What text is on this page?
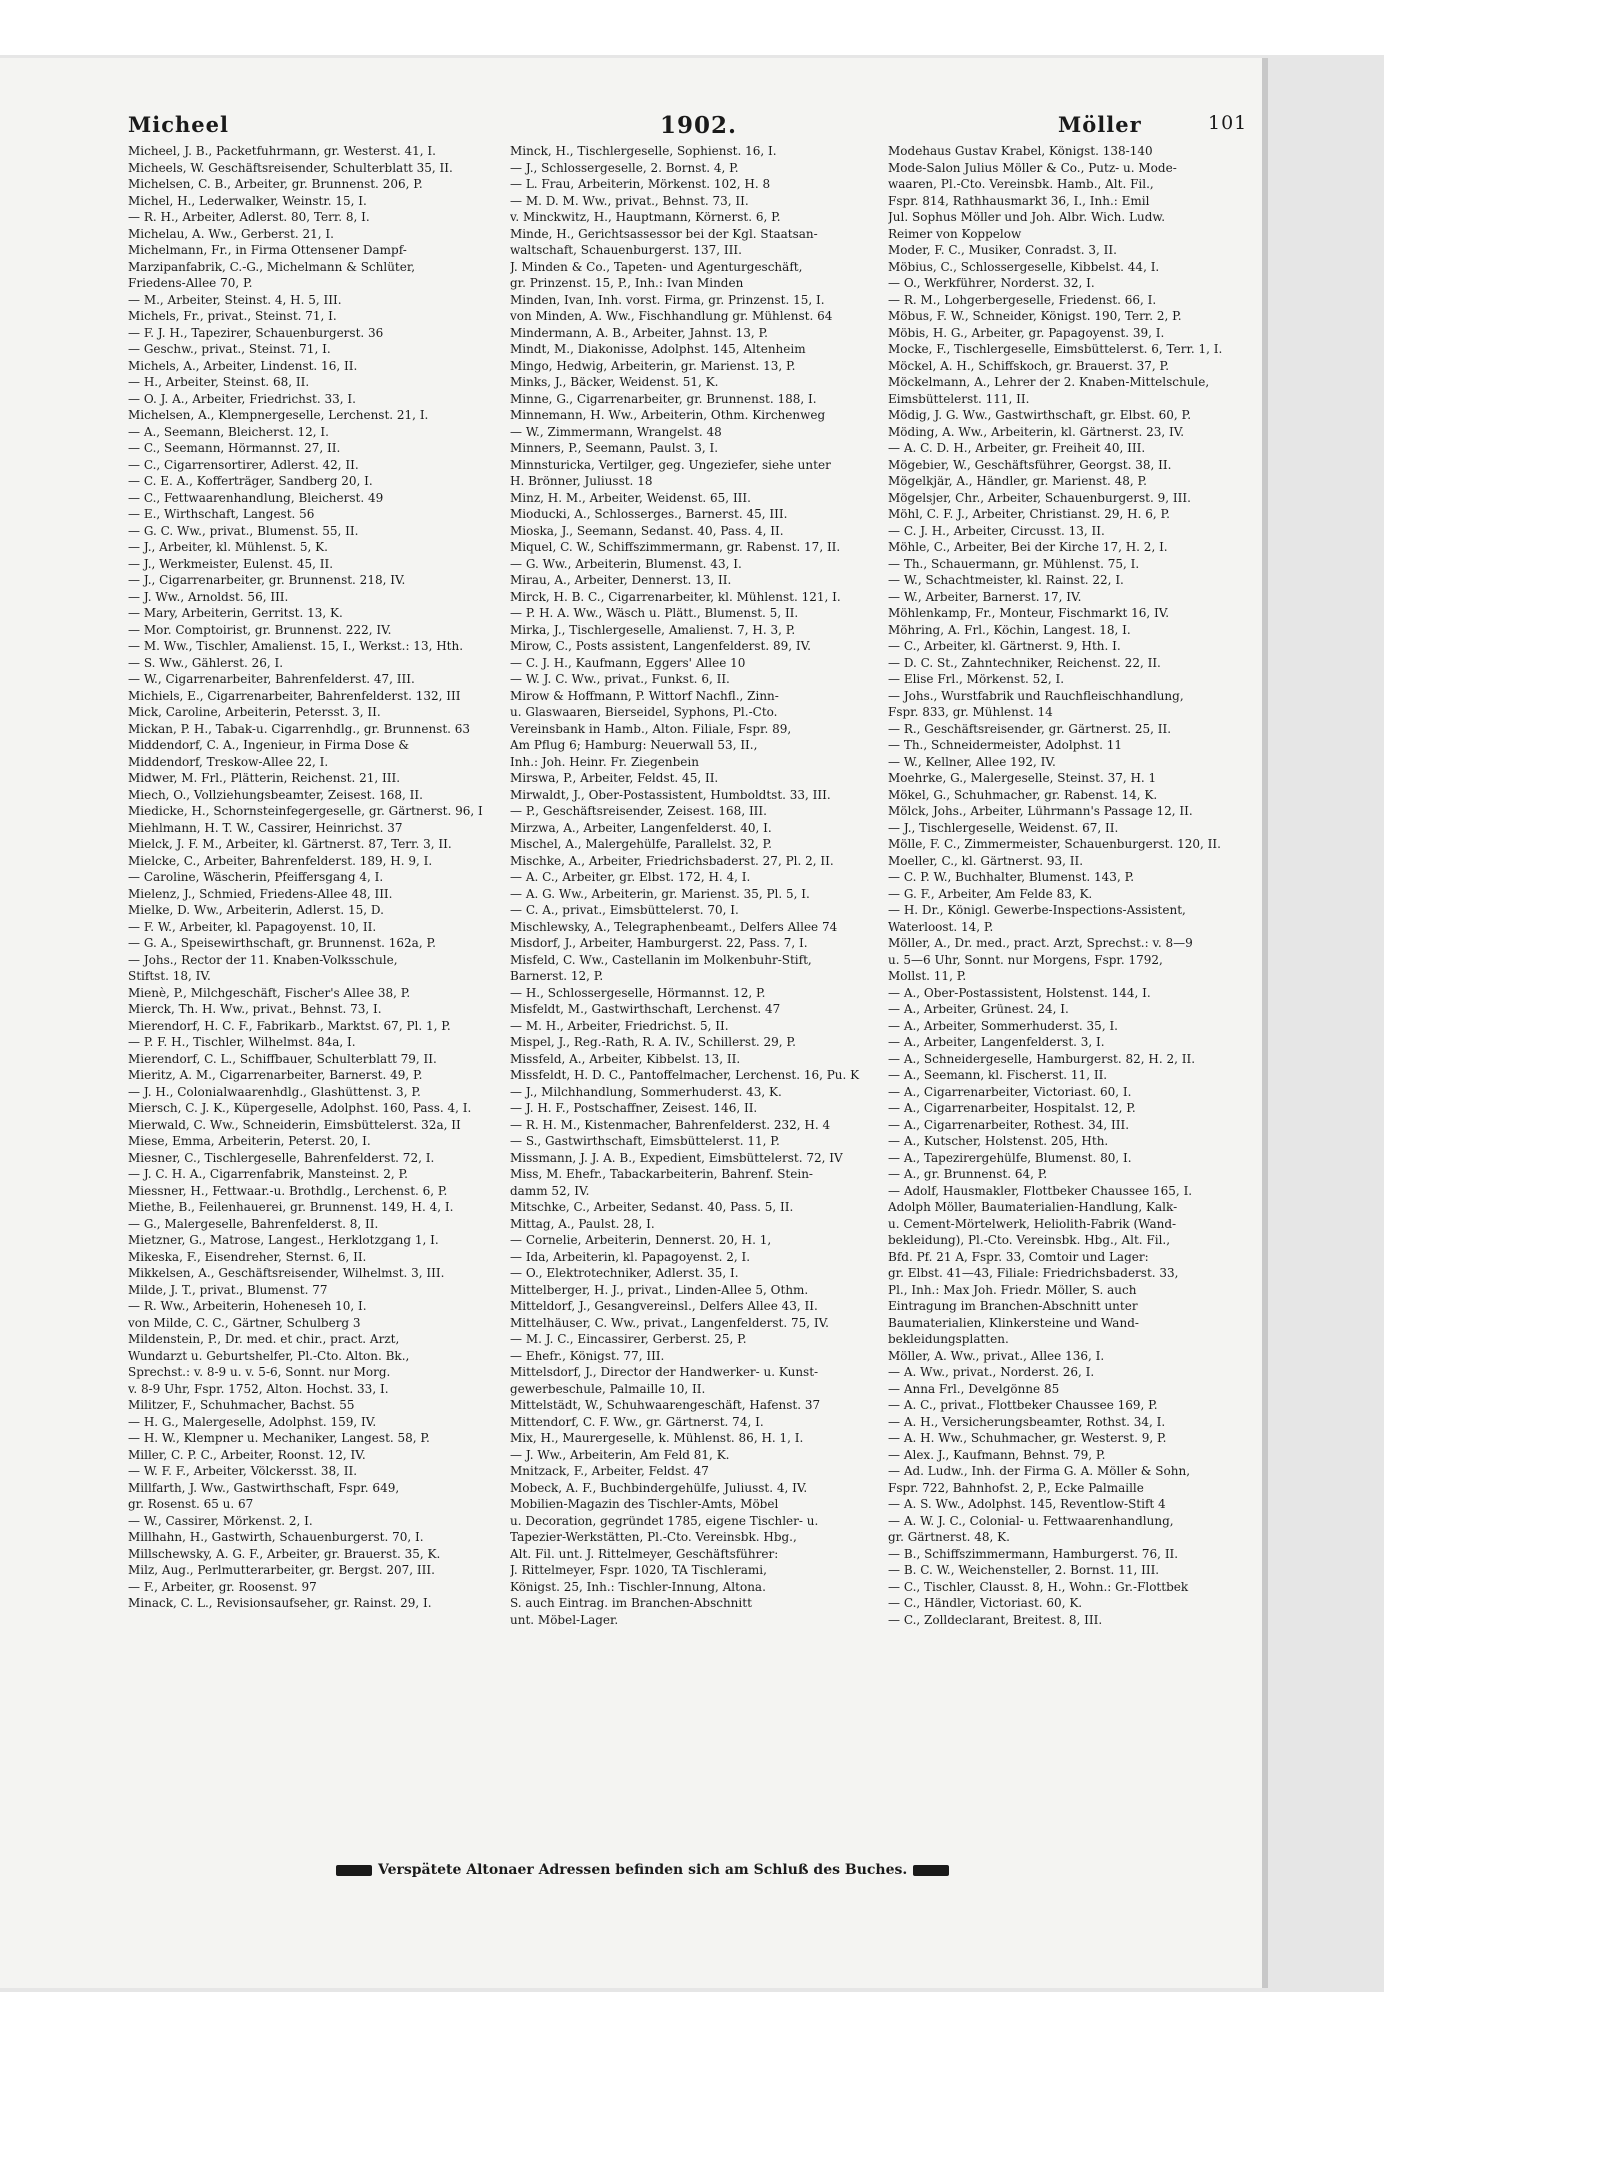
Micheel	1902.	Möller	101
Micheel, J. B., Packetfuhrmann, gr. Westerst. 41, I.
Micheels, W. Geschäftsreisender, Schulterblatt 35, II.
Michelsen, C. B., Arbeiter, gr. Brunnenst. 206, P.
Michel, H., Lederwalker, Weinstr. 15, I.
— R. H., Arbeiter, Adlerst. 80, Terr. 8, I.
Michelau, A. Ww., Gerberst. 21, I.
Michelmann, Fr., in Firma Ottensener Dampf-
Marzipanfabrik, C.-G., Michelmann & Schlüter,
Friedens-Allee 70, P.
— M., Arbeiter, Steinst. 4, H. 5, III.
Michels, Fr., privat., Steinst. 71, I.
— F. J. H., Tapezirer, Schauenburgerst. 36
— Geschw., privat., Steinst. 71, I.
Michels, A., Arbeiter, Lindenst. 16, II.
— H., Arbeiter, Steinst. 68, II.
— O. J. A., Arbeiter, Friedrichst. 33, I.
Michelsen, A., Klempnergeselle, Lerchenst. 21, I.
— A., Seemann, Bleicherst. 12, I.
— C., Seemann, Hörmannst. 27, II.
— C., Cigarrensortirer, Adlerst. 42, II.
— C. E. A., Kofferträger, Sandberg 20, I.
— C., Fettwaarenhandlung, Bleicherst. 49
— E., Wirthschaft, Langest. 56
— G. C. Ww., privat., Blumenst. 55, II.
— J., Arbeiter, kl. Mühlenst. 5, K.
— J., Werkmeister, Eulenst. 45, II.
— J., Cigarrenarbeiter, gr. Brunnenst. 218, IV.
— J. Ww., Arnoldst. 56, III.
— Mary, Arbeiterin, Gerritst. 13, K.
— Mor. Comptoirist, gr. Brunnenst. 222, IV.
— M. Ww., Tischler, Amalienst. 15, I., Werkst.: 13, Hth.
— S. Ww., Gählerst. 26, I.
— W., Cigarrenarbeiter, Bahrenfelderst. 47, III.
Michiels, E., Cigarrenarbeiter, Bahrenfelderst. 132, III
Mick, Caroline, Arbeiterin, Petersst. 3, II.
Mickan, P. H., Tabak-u. Cigarrenhdlg., gr. Brunnenst. 63
Middendorf, C. A., Ingenieur, in Firma Dose &
Middendorf, Treskow-Allee 22, I.
Midwer, M. Frl., Plätterin, Reichenst. 21, III.
Miech, O., Vollziehungsbeamter, Zeisest. 168, II.
Miedicke, H., Schornsteinfegergeselle, gr. Gärtnerst. 96, I
Miehlmann, H. T. W., Cassirer, Heinrichst. 37
Mielck, J. F. M., Arbeiter, kl. Gärtnerst. 87, Terr. 3, II.
Mielcke, C., Arbeiter, Bahrenfelderst. 189, H. 9, I.
— Caroline, Wäscherin, Pfeiffersgang 4, I.
Mielenz, J., Schmied, Friedens-Allee 48, III.
Mielke, D. Ww., Arbeiterin, Adlerst. 15, D.
— F. W., Arbeiter, kl. Papagoyenst. 10, II.
— G. A., Speisewirthschaft, gr. Brunnenst. 162a, P.
— Johs., Rector der 11. Knaben-Volksschule,
Stiftst. 18, IV.
Mienè, P., Milchgeschäft, Fischer's Allee 38, P.
Mierck, Th. H. Ww., privat., Behnst. 73, I.
Mierendorf, H. C. F., Fabrikarb., Marktst. 67, Pl. 1, P.
— P. F. H., Tischler, Wilhelmst. 84a, I.
Mierendorf, C. L., Schiffbauer, Schulterblatt 79, II.
Mieritz, A. M., Cigarrenarbeiter, Barnerst. 49, P.
— J. H., Colonialwaarenhdlg., Glashüttenst. 3, P.
Miersch, C. J. K., Küpergeselle, Adolphst. 160, Pass. 4, I.
Mierwald, C. Ww., Schneiderin, Eimsbüttelerst. 32a, II
Miese, Emma, Arbeiterin, Peterst. 20, I.
Miesner, C., Tischlergeselle, Bahrenfelderst. 72, I.
— J. C. H. A., Cigarrenfabrik, Mansteinst. 2, P.
Miessner, H., Fettwaar.-u. Brothdlg., Lerchenst. 6, P.
Miethe, B., Feilenhauerei, gr. Brunnenst. 149, H. 4, I.
— G., Malergeselle, Bahrenfelderst. 8, II.
Mietzner, G., Matrose, Langest., Herklotzgang 1, I.
Mikeska, F., Eisendreher, Sternst. 6, II.
Mikkelsen, A., Geschäftsreisender, Wilhelmst. 3, III.
Milde, J. T., privat., Blumenst. 77
— R. Ww., Arbeiterin, Hoheneseh 10, I.
von Milde, C. C., Gärtner, Schulberg 3
Mildenstein, P., Dr. med. et chir., pract. Arzt,
Wundarzt u. Geburtshelfer, Pl.-Cto. Alton. Bk.,
Sprechst.: v. 8-9 u. v. 5-6, Sonnt. nur Morg.
v. 8-9 Uhr, Fspr. 1752, Alton. Hochst. 33, I.
Militzer, F., Schuhmacher, Bachst. 55
— H. G., Malergeselle, Adolphst. 159, IV.
— H. W., Klempner u. Mechaniker, Langest. 58, P.
Miller, C. P. C., Arbeiter, Roonst. 12, IV.
— W. F. F., Arbeiter, Völckersst. 38, II.
Millfarth, J. Ww., Gastwirthschaft, Fspr. 649,
gr. Rosenst. 65 u. 67
— W., Cassirer, Mörkenst. 2, I.
Millhahn, H., Gastwirth, Schauenburgerst. 70, I.
Millschewsky, A. G. F., Arbeiter, gr. Brauerst. 35, K.
Milz, Aug., Perlmutterarbeiter, gr. Bergst. 207, III.
— F., Arbeiter, gr. Roosenst. 97
Minack, C. L., Revisionsaufseher, gr. Rainst. 29, I.
Minck, H., Tischlergeselle, Sophienst. 16, I.
— J., Schlossergeselle, 2. Bornst. 4, P.
— L. Frau, Arbeiterin, Mörkenst. 102, H. 8
— M. D. M. Ww., privat., Behnst. 73, II.
v. Minckwitz, H., Hauptmann, Körnerst. 6, P.
Minde, H., Gerichtsassessor bei der Kgl. Staatsan-
waltschaft, Schauenburgerst. 137, III.
J. Minden & Co., Tapeten- und Agenturgeschäft,
gr. Prinzenst. 15, P., Inh.: Ivan Minden
Minden, Ivan, Inh. vorst. Firma, gr. Prinzenst. 15, I.
von Minden, A. Ww., Fischhandlung gr. Mühlenst. 64
Mindermann, A. B., Arbeiter, Jahnst. 13, P.
Mindt, M., Diakonisse, Adolphst. 145, Altenheim
Mingo, Hedwig, Arbeiterin, gr. Marienst. 13, P.
Minks, J., Bäcker, Weidenst. 51, K.
Minne, G., Cigarrenarbeiter, gr. Brunnenst. 188, I.
Minnemann, H. Ww., Arbeiterin, Othm. Kirchenweg
— W., Zimmermann, Wrangelst. 48
Minners, P., Seemann, Paulst. 3, I.
Minnsturicka, Vertilger, geg. Ungeziefer, siehe unter
H. Brönner, Juliusst. 18
Minz, H. M., Arbeiter, Weidenst. 65, III.
Mioducki, A., Schlosserges., Barnerst. 45, III.
Mioska, J., Seemann, Sedanst. 40, Pass. 4, II.
Miquel, C. W., Schiffszimmermann, gr. Rabenst. 17, II.
— G. Ww., Arbeiterin, Blumenst. 43, I.
Mirau, A., Arbeiter, Dennerst. 13, II.
Mirck, H. B. C., Cigarrenarbeiter, kl. Mühlenst. 121, I.
— P. H. A. Ww., Wäsch u. Plätt., Blumenst. 5, II.
Mirka, J., Tischlergeselle, Amalienst. 7, H. 3, P.
Mirow, C., Posts assistent, Langenfelderst. 89, IV.
— C. J. H., Kaufmann, Eggers' Allee 10
— W. J. C. Ww., privat., Funkst. 6, II.
Mirow & Hoffmann, P. Wittorf Nachfl., Zinn-
u. Glaswaaren, Bierseidel, Syphons, Pl.-Cto.
Vereinsbank in Hamb., Alton. Filiale, Fspr. 89,
Am Pflug 6; Hamburg: Neuerwall 53, II.,
Inh.: Joh. Heinr. Fr. Ziegenbein
Mirswa, P., Arbeiter, Feldst. 45, II.
Mirwaldt, J., Ober-Postassistent, Humboldtst. 33, III.
— P., Geschäftsreisender, Zeisest. 168, III.
Mirzwa, A., Arbeiter, Langenfelderst. 40, I.
Mischel, A., Malergehülfe, Parallelst. 32, P.
Mischke, A., Arbeiter, Friedrichsbaderst. 27, Pl. 2, II.
— A. C., Arbeiter, gr. Elbst. 172, H. 4, I.
— A. G. Ww., Arbeiterin, gr. Marienst. 35, Pl. 5, I.
— C. A., privat., Eimsbüttelerst. 70, I.
Mischlewsky, A., Telegraphenbeamt., Delfers Allee 74
Misdorf, J., Arbeiter, Hamburgerst. 22, Pass. 7, I.
Misfeld, C. Ww., Castellanin im Molkenbuhr-Stift,
Barnerst. 12, P.
— H., Schlossergeselle, Hörmannst. 12, P.
Misfeldt, M., Gastwirthschaft, Lerchenst. 47
— M. H., Arbeiter, Friedrichst. 5, II.
Mispel, J., Reg.-Rath, R. A. IV., Schillerst. 29, P.
Missfeld, A., Arbeiter, Kibbelst. 13, II.
Missfeldt, H. D. C., Pantoffelmacher, Lerchenst. 16, Pu. K
— J., Milchhandlung, Sommerhuderst. 43, K.
— J. H. F., Postschaffner, Zeisest. 146, II.
— R. H. M., Kistenmacher, Bahrenfelderst. 232, H. 4
— S., Gastwirthschaft, Eimsbüttelerst. 11, P.
Missmann, J. J. A. B., Expedient, Eimsbüttelerst. 72, IV
Miss, M. Ehefr., Tabackarbeiterin, Bahrenf. Stein-
damm 52, IV.
Mitschke, C., Arbeiter, Sedanst. 40, Pass. 5, II.
Mittag, A., Paulst. 28, I.
— Cornelie, Arbeiterin, Dennerst. 20, H. 1,
— Ida, Arbeiterin, kl. Papagoyenst. 2, I.
— O., Elektrotechniker, Adlerst. 35, I.
Mittelberger, H. J., privat., Linden-Allee 5, Othm.
Mitteldorf, J., Gesangvereinsl., Delfers Allee 43, II.
Mittelhäuser, C. Ww., privat., Langenfelderst. 75, IV.
— M. J. C., Eincassirer, Gerberst. 25, P.
— Ehefr., Königst. 77, III.
Mittelsdorf, J., Director der Handwerker- u. Kunst-
gewerbeschule, Palmaille 10, II.
Mittelstädt, W., Schuhwaarengeschäft, Hafenst. 37
Mittendorf, C. F. Ww., gr. Gärtnerst. 74, I.
Mix, H., Maurergeselle, k. Mühlenst. 86, H. 1, I.
— J. Ww., Arbeiterin, Am Feld 81, K.
Mnitzack, F., Arbeiter, Feldst. 47
Mobeck, A. F., Buchbindergehülfe, Juliusst. 4, IV.
Mobilien-Magazin des Tischler-Amts, Möbel
u. Decoration, gegründet 1785, eigene Tischler- u.
Tapezier-Werkstätten, Pl.-Cto. Vereinsbk. Hbg.,
Alt. Fil. unt. J. Rittelmeyer, Geschäftsführer:
J. Rittelmeyer, Fspr. 1020, TA Tischlerami,
Königst. 25, Inh.: Tischler-Innung, Altona.
S. auch Eintrag. im Branchen-Abschnitt
unt. Möbel-Lager.
Modehaus Gustav Krabel, Königst. 138-140
Mode-Salon Julius Möller & Co., Putz- u. Mode-
waaren, Pl.-Cto. Vereinsbk. Hamb., Alt. Fil.,
Fspr. 814, Rathhausmarkt 36, I., Inh.: Emil
Jul. Sophus Möller und Joh. Albr. Wich. Ludw.
Reimer von Koppelow
Moder, F. C., Musiker, Conradst. 3, II.
Möbius, C., Schlossergeselle, Kibbelst. 44, I.
— O., Werkführer, Norderst. 32, I.
— R. M., Lohgerbergeselle, Friedenst. 66, I.
Möbus, F. W., Schneider, Königst. 190, Terr. 2, P.
Möbis, H. G., Arbeiter, gr. Papagoyenst. 39, I.
Mocke, F., Tischlergeselle, Eimsbüttelerst. 6, Terr. 1, I.
Möckel, A. H., Schiffskoch, gr. Brauerst. 37, P.
Möckelmann, A., Lehrer der 2. Knaben-Mittelschule,
Eimsbüttelerst. 111, II.
Mödig, J. G. Ww., Gastwirthschaft, gr. Elbst. 60, P.
Möding, A. Ww., Arbeiterin, kl. Gärtnerst. 23, IV.
— A. C. D. H., Arbeiter, gr. Freiheit 40, III.
Mögebier, W., Geschäftsführer, Georgst. 38, II.
Mögelkjär, A., Händler, gr. Marienst. 48, P.
Mögelsjer, Chr., Arbeiter, Schauenburgerst. 9, III.
Möhl, C. F. J., Arbeiter, Christianst. 29, H. 6, P.
— C. J. H., Arbeiter, Circusst. 13, II.
Möhle, C., Arbeiter, Bei der Kirche 17, H. 2, I.
— Th., Schauermann, gr. Mühlenst. 75, I.
— W., Schachtmeister, kl. Rainst. 22, I.
— W., Arbeiter, Barnerst. 17, IV.
Möhlenkamp, Fr., Monteur, Fischmarkt 16, IV.
Möhring, A. Frl., Köchin, Langest. 18, I.
— C., Arbeiter, kl. Gärtnerst. 9, Hth. I.
— D. C. St., Zahntechniker, Reichenst. 22, II.
— Elise Frl., Mörkenst. 52, I.
— Johs., Wurstfabrik und Rauchfleischhandlung,
Fspr. 833, gr. Mühlenst. 14
— R., Geschäftsreisender, gr. Gärtnerst. 25, II.
— Th., Schneidermeister, Adolphst. 11
— W., Kellner, Allee 192, IV.
Moehrke, G., Malergeselle, Steinst. 37, H. 1
Mökel, G., Schuhmacher, gr. Rabenst. 14, K.
Mölck, Johs., Arbeiter, Lührmann's Passage 12, II.
— J., Tischlergeselle, Weidenst. 67, II.
Mölle, F. C., Zimmermeister, Schauenburgerst. 120, II.
Moeller, C., kl. Gärtnerst. 93, II.
— C. P. W., Buchhalter, Blumenst. 143, P.
— G. F., Arbeiter, Am Felde 83, K.
— H. Dr., Königl. Gewerbe-Inspections-Assistent,
Waterloost. 14, P.
Möller, A., Dr. med., pract. Arzt, Sprechst.: v. 8—9
u. 5—6 Uhr, Sonnt. nur Morgens, Fspr. 1792,
Mollst. 11, P.
— A., Ober-Postassistent, Holstenst. 144, I.
— A., Arbeiter, Grünest. 24, I.
— A., Arbeiter, Sommerhuderst. 35, I.
— A., Arbeiter, Langenfelderst. 3, I.
— A., Schneidergeselle, Hamburgerst. 82, H. 2, II.
— A., Seemann, kl. Fischerst. 11, II.
— A., Cigarrenarbeiter, Victoriast. 60, I.
— A., Cigarrenarbeiter, Hospitalst. 12, P.
— A., Cigarrenarbeiter, Rothest. 34, III.
— A., Kutscher, Holstenst. 205, Hth.
— A., Tapezirergehülfe, Blumenst. 80, I.
— A., gr. Brunnenst. 64, P.
— Adolf, Hausmakler, Flottbeker Chaussee 165, I.
Adolph Möller, Baumaterialien-Handlung, Kalk-
u. Cement-Mörtelwerk, Heliolith-Fabrik (Wand-
bekleidung), Pl.-Cto. Vereinsbk. Hbg., Alt. Fil.,
Bfd. Pf. 21 A, Fspr. 33, Comtoir und Lager:
gr. Elbst. 41—43, Filiale: Friedrichsbaderst. 33,
Pl., Inh.: Max Joh. Friedr. Möller, S. auch
Eintragung im Branchen-Abschnitt unter
Baumaterialien, Klinkersteine und Wand-
bekleidungsplatten.
Möller, A. Ww., privat., Allee 136, I.
— A. Ww., privat., Norderst. 26, I.
— Anna Frl., Develgönne 85
— A. C., privat., Flottbeker Chaussee 169, P.
— A. H., Versicherungsbeamter, Rothst. 34, I.
— A. H. Ww., Schuhmacher, gr. Westerst. 9, P.
— Alex. J., Kaufmann, Behnst. 79, P.
— Ad. Ludw., Inh. der Firma G. A. Möller & Sohn,
Fspr. 722, Bahnhofst. 2, P., Ecke Palmaille
— A. S. Ww., Adolphst. 145, Reventlow-Stift 4
— A. W. J. C., Colonial- u. Fettwaarenhandlung,
gr. Gärtnerst. 48, K.
— B., Schiffszimmermann, Hamburgerst. 76, II.
— B. C. W., Weichensteller, 2. Bornst. 11, III.
— C., Tischler, Clausst. 8, H., Wohn.: Gr.-Flottbek
— C., Händler, Victoriast. 60, K.
— C., Zolldeclarant, Breitest. 8, III.
Verspätete Altonaer Adressen befinden sich am Schluß des Buches.
